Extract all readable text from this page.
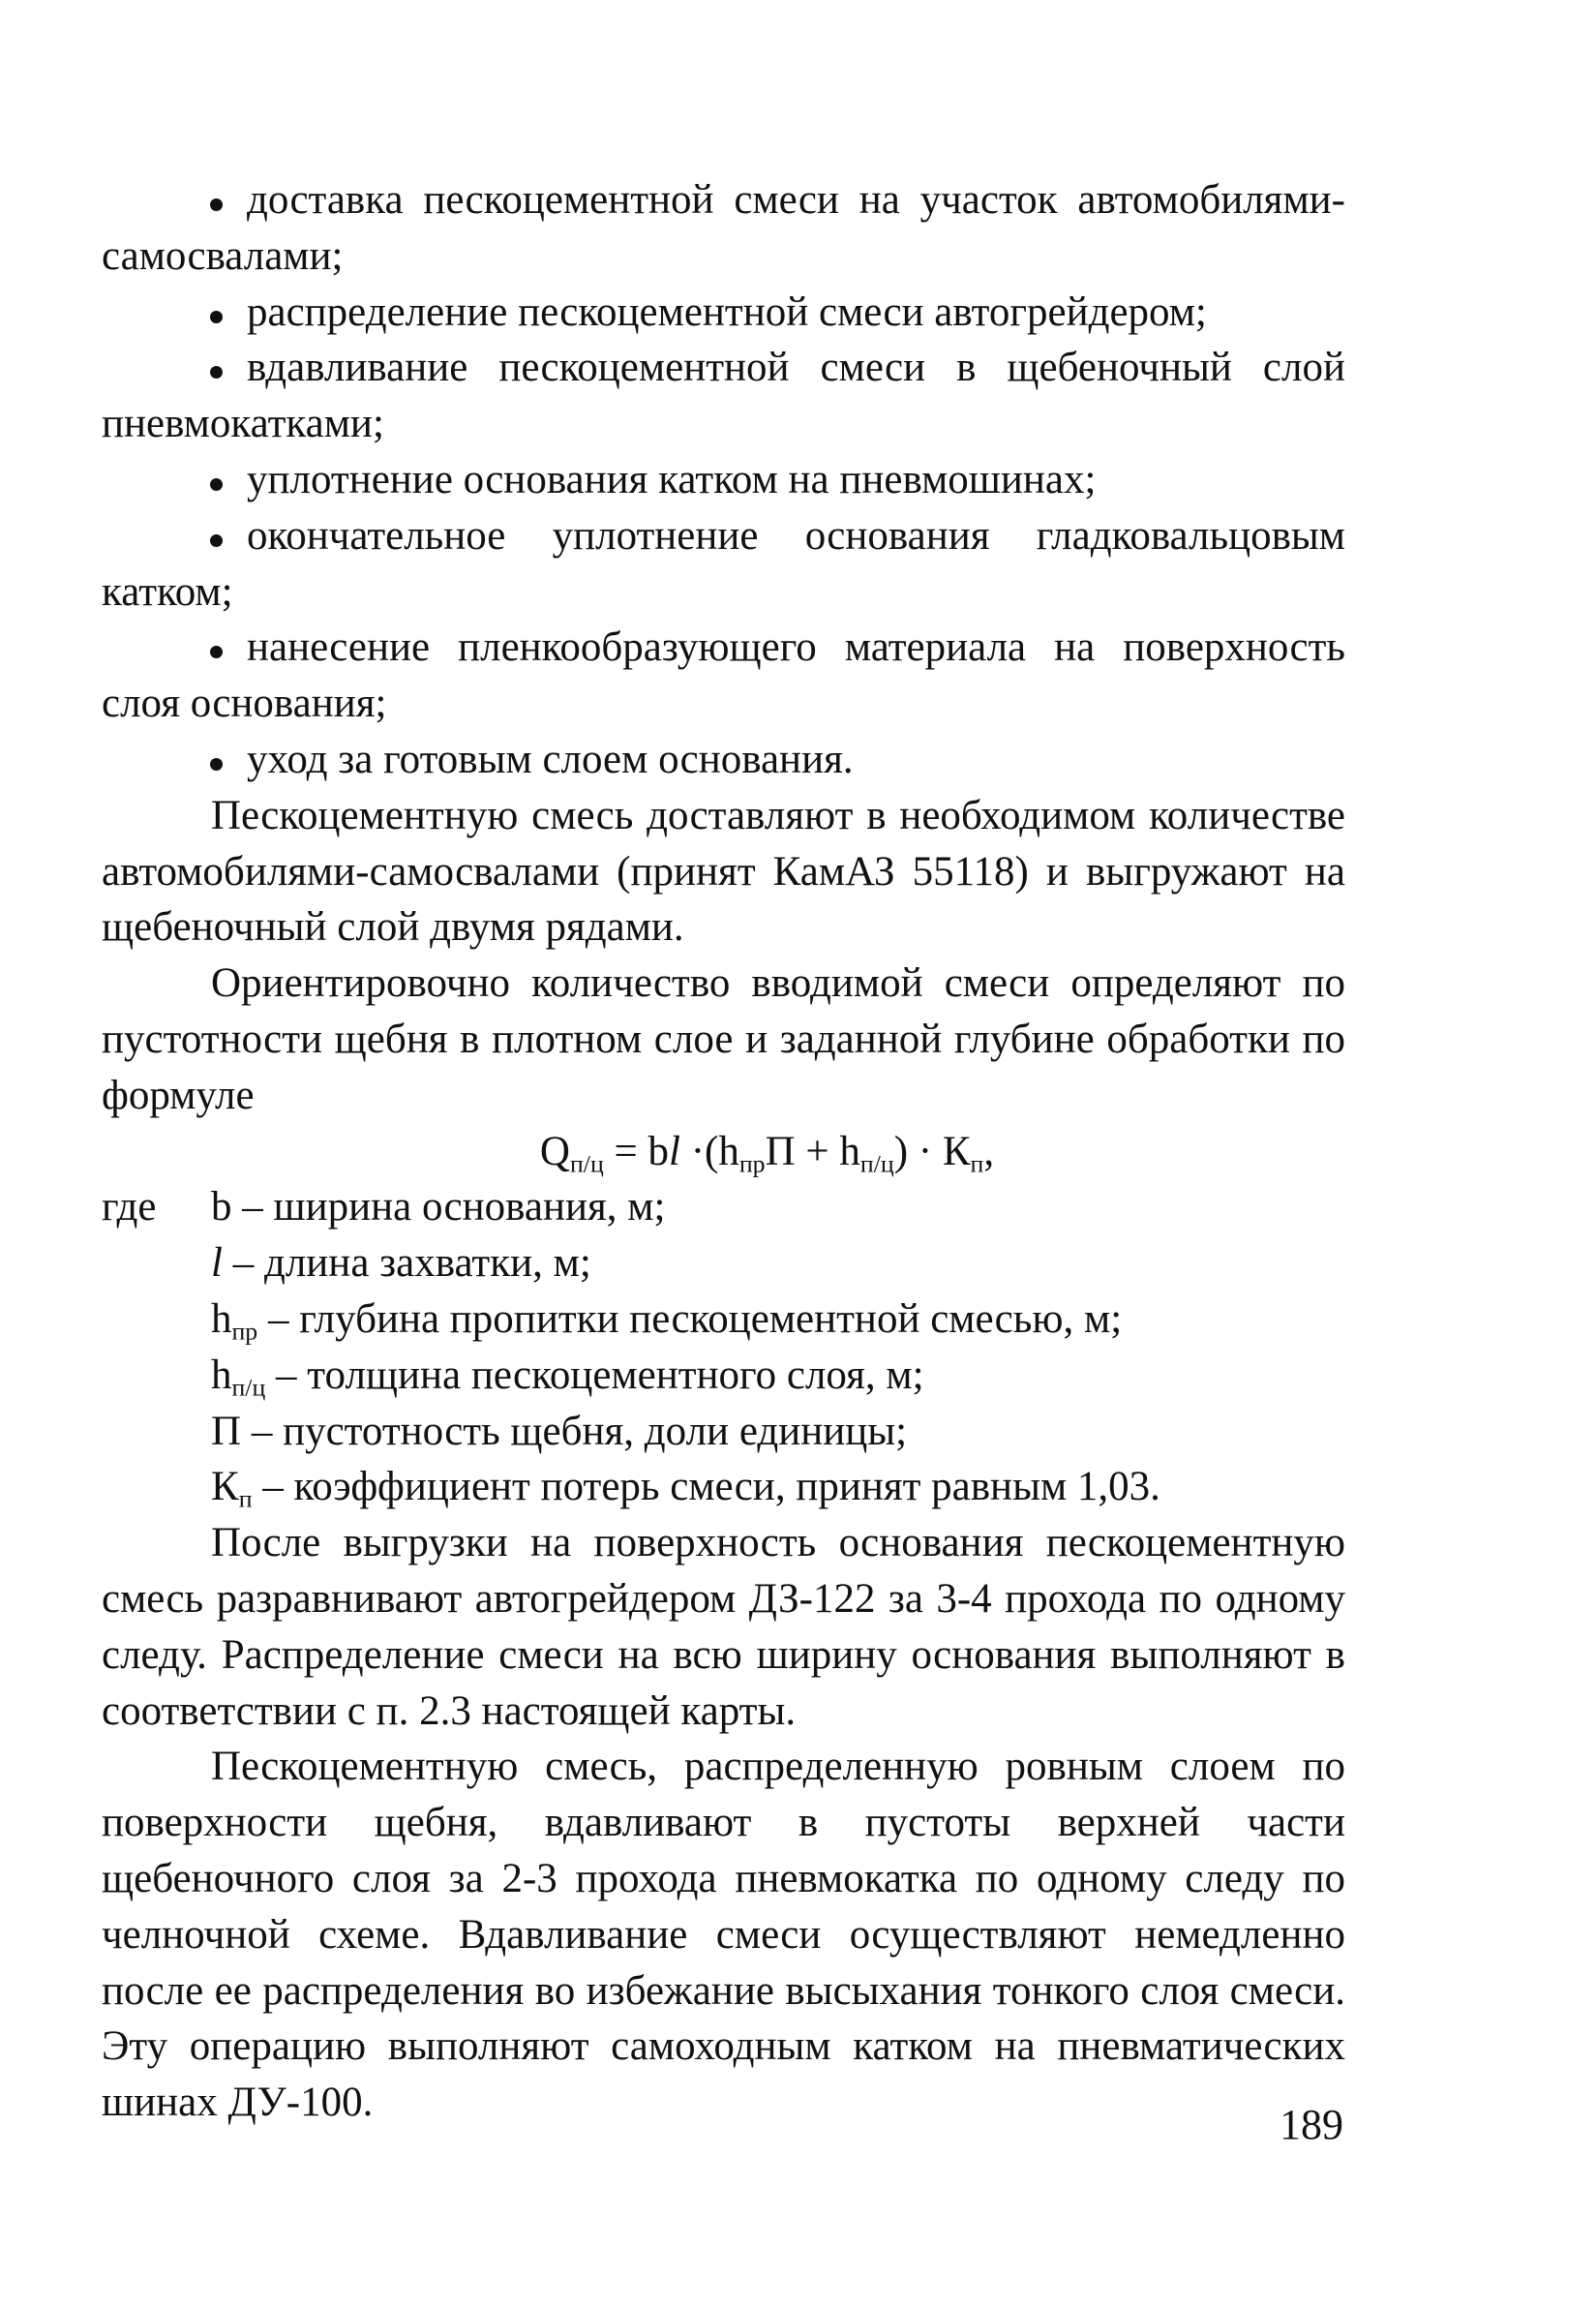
доставка пескоцементной смеси на участок автомобилями-самосвалами;

распределение пескоцементной смеси автогрейдером;

вдавливание пескоцементной смеси в щебеночный слой пневмокатками;

уплотнение основания катком на пневмошинах;

окончательное уплотнение основания гладковальцовым катком;

нанесение пленкообразующего материала на поверхность слоя основания;

уход за готовым слоем основания.

Пескоцементную смесь доставляют в необходимом количестве автомобилями-самосвалами (принят КамАЗ 55118) и выгружают на щебеночный слой двумя рядами.

Ориентировочно количество вводимой смеси определяют по пустотности щебня в плотном слое и заданной глубине обработки по формуле

$Q_{п/ц}$ = bl $\cdot(h_{пр}П + h_{п/ц}) \cdot К_п$,

где	b – ширина основания, м;
l – длина захватки, м;
$h_{пр}$ – глубина пропитки пескоцементной смесью, м;
$h_{п/ц}$ – толщина пескоцементного слоя, м;
П – пустотность щебня, доли единицы;
$К_п$ – коэффициент потерь смеси, принят равным 1,03.

После выгрузки на поверхность основания пескоцементную смесь разравнивают автогрейдером ДЗ-122 за 3-4 прохода по одному следу. Распределение смеси на всю ширину основания выполняют в соответствии с п. 2.3 настоящей карты.

Пескоцементную смесь, распределенную ровным слоем по поверхности щебня, вдавливают в пустоты верхней части щебеночного слоя за 2-3 прохода пневмокатка по одному следу по челночной схеме. Вдавливание смеси осуществляют немедленно после ее распределения во избежание высыхания тонкого слоя смеси. Эту операцию выполняют самоходным катком на пневматических шинах ДУ-100.	189
